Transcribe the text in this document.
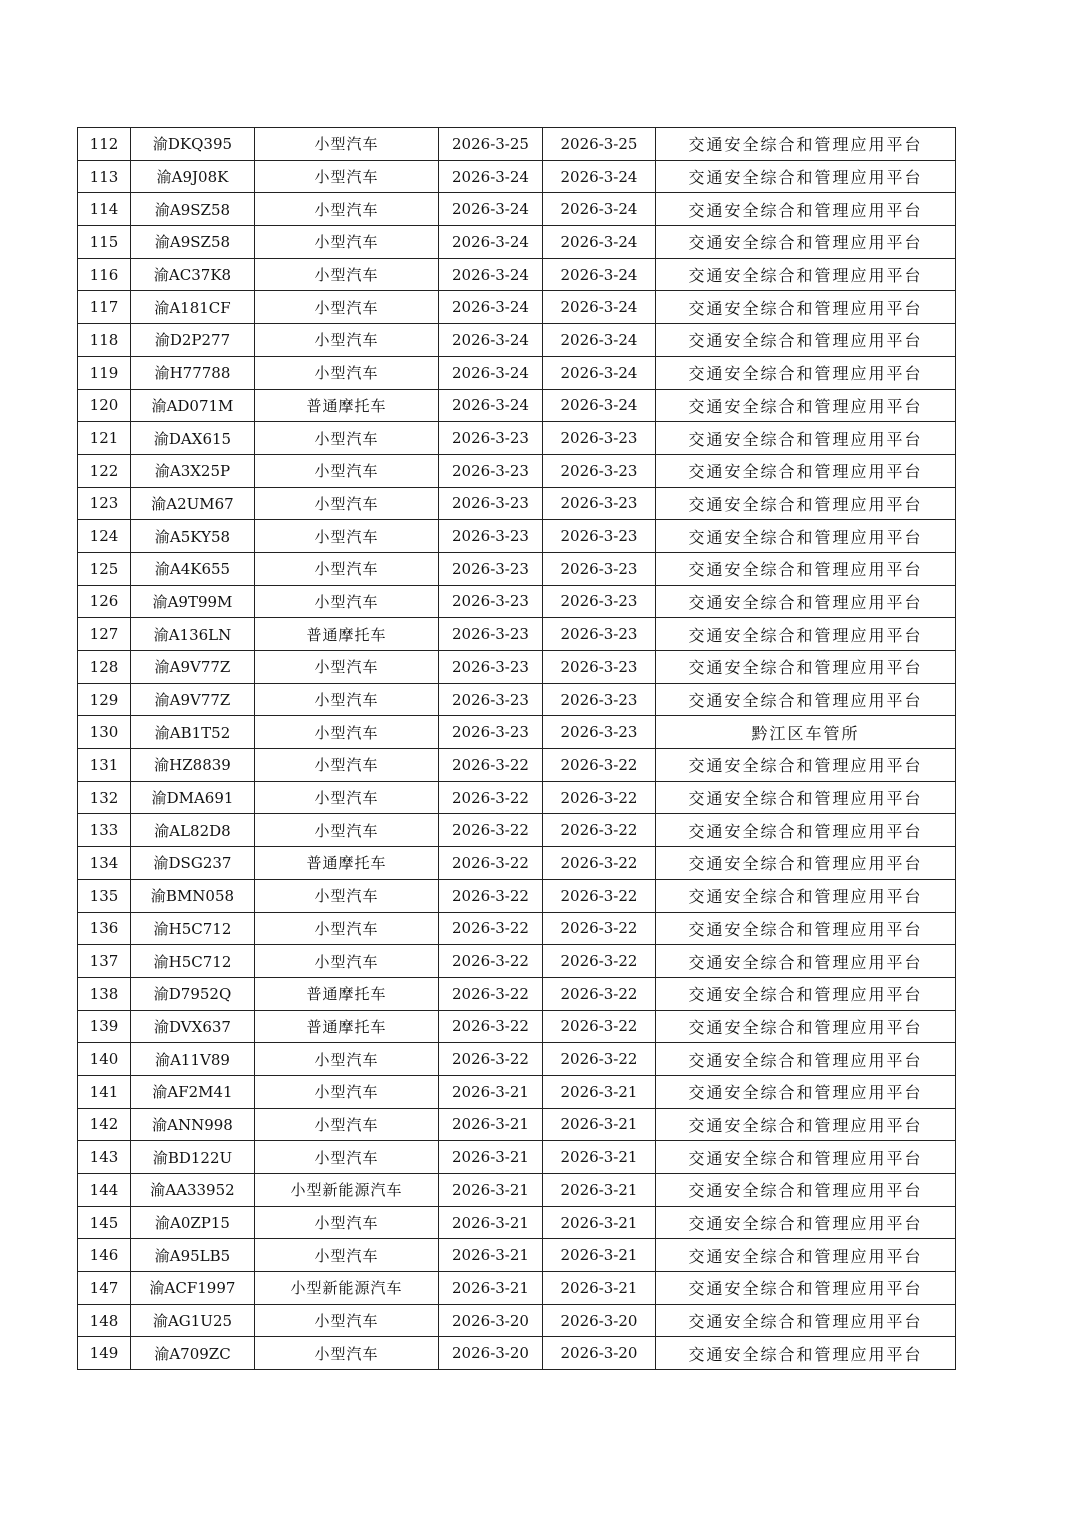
112	渝DKQ395	小型汽车	2026-3-25	2026-3-25	交通安全综合和管理应用平台
113	渝A9J08K	小型汽车	2026-3-24	2026-3-24	交通安全综合和管理应用平台
114	渝A9SZ58	小型汽车	2026-3-24	2026-3-24	交通安全综合和管理应用平台
115	渝A9SZ58	小型汽车	2026-3-24	2026-3-24	交通安全综合和管理应用平台
116	渝AC37K8	小型汽车	2026-3-24	2026-3-24	交通安全综合和管理应用平台
117	渝A181CF	小型汽车	2026-3-24	2026-3-24	交通安全综合和管理应用平台
118	渝D2P277	小型汽车	2026-3-24	2026-3-24	交通安全综合和管理应用平台
119	渝H77788	小型汽车	2026-3-24	2026-3-24	交通安全综合和管理应用平台
120	渝AD071M	普通摩托车	2026-3-24	2026-3-24	交通安全综合和管理应用平台
121	渝DAX615	小型汽车	2026-3-23	2026-3-23	交通安全综合和管理应用平台
122	渝A3X25P	小型汽车	2026-3-23	2026-3-23	交通安全综合和管理应用平台
123	渝A2UM67	小型汽车	2026-3-23	2026-3-23	交通安全综合和管理应用平台
124	渝A5KY58	小型汽车	2026-3-23	2026-3-23	交通安全综合和管理应用平台
125	渝A4K655	小型汽车	2026-3-23	2026-3-23	交通安全综合和管理应用平台
126	渝A9T99M	小型汽车	2026-3-23	2026-3-23	交通安全综合和管理应用平台
127	渝A136LN	普通摩托车	2026-3-23	2026-3-23	交通安全综合和管理应用平台
128	渝A9V77Z	小型汽车	2026-3-23	2026-3-23	交通安全综合和管理应用平台
129	渝A9V77Z	小型汽车	2026-3-23	2026-3-23	交通安全综合和管理应用平台
130	渝AB1T52	小型汽车	2026-3-23	2026-3-23	黔江区车管所
131	渝HZ8839	小型汽车	2026-3-22	2026-3-22	交通安全综合和管理应用平台
132	渝DMA691	小型汽车	2026-3-22	2026-3-22	交通安全综合和管理应用平台
133	渝AL82D8	小型汽车	2026-3-22	2026-3-22	交通安全综合和管理应用平台
134	渝DSG237	普通摩托车	2026-3-22	2026-3-22	交通安全综合和管理应用平台
135	渝BMN058	小型汽车	2026-3-22	2026-3-22	交通安全综合和管理应用平台
136	渝H5C712	小型汽车	2026-3-22	2026-3-22	交通安全综合和管理应用平台
137	渝H5C712	小型汽车	2026-3-22	2026-3-22	交通安全综合和管理应用平台
138	渝D7952Q	普通摩托车	2026-3-22	2026-3-22	交通安全综合和管理应用平台
139	渝DVX637	普通摩托车	2026-3-22	2026-3-22	交通安全综合和管理应用平台
140	渝A11V89	小型汽车	2026-3-22	2026-3-22	交通安全综合和管理应用平台
141	渝AF2M41	小型汽车	2026-3-21	2026-3-21	交通安全综合和管理应用平台
142	渝ANN998	小型汽车	2026-3-21	2026-3-21	交通安全综合和管理应用平台
143	渝BD122U	小型汽车	2026-3-21	2026-3-21	交通安全综合和管理应用平台
144	渝AA33952	小型新能源汽车	2026-3-21	2026-3-21	交通安全综合和管理应用平台
145	渝A0ZP15	小型汽车	2026-3-21	2026-3-21	交通安全综合和管理应用平台
146	渝A95LB5	小型汽车	2026-3-21	2026-3-21	交通安全综合和管理应用平台
147	渝ACF1997	小型新能源汽车	2026-3-21	2026-3-21	交通安全综合和管理应用平台
148	渝AG1U25	小型汽车	2026-3-20	2026-3-20	交通安全综合和管理应用平台
149	渝A709ZC	小型汽车	2026-3-20	2026-3-20	交通安全综合和管理应用平台
